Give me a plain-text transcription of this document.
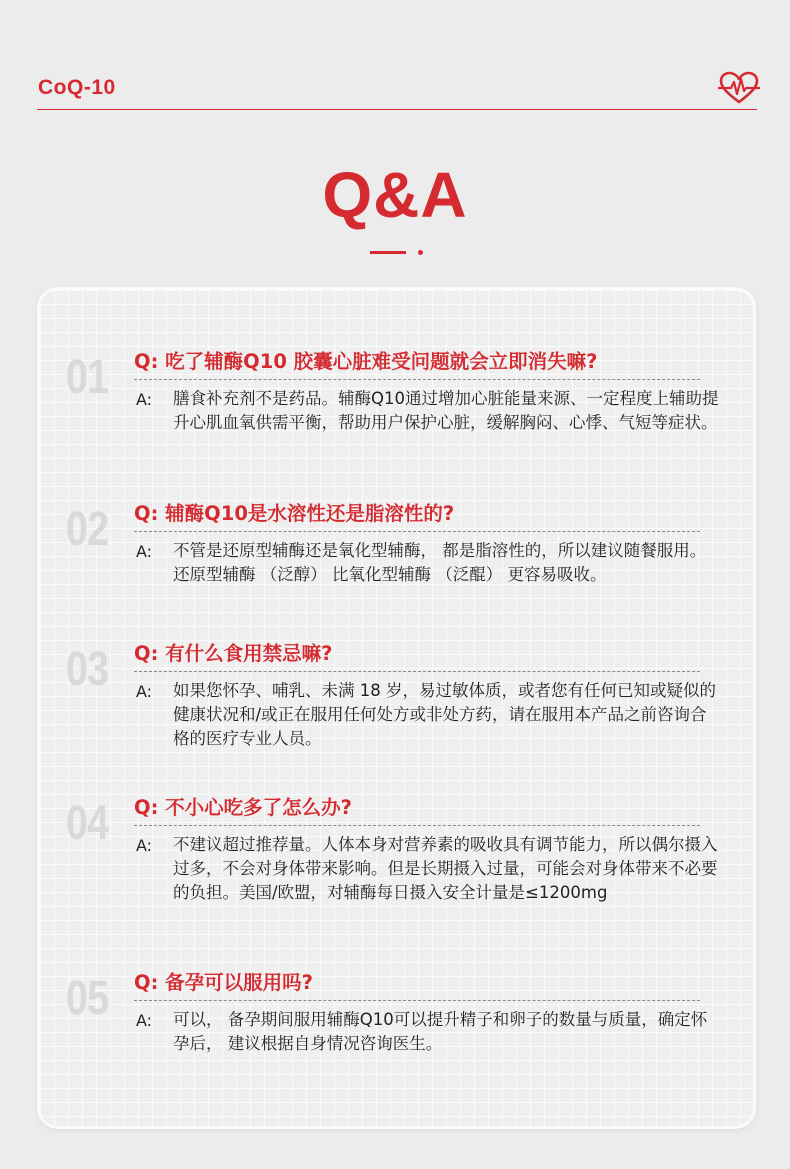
CoQ-10
Q&A
01 Q: 吃了辅酶Q10 胶囊心脏难受问题就会立即消失嘛?
A: 膳食补充剂不是药品。辅酶Q10通过增加心脏能量来源、一定程度上辅助提升心肌血氧供需平衡，帮助用户保护心脏，缓解胸闷、心悸、气短等症状。
02 Q: 辅酶Q10是水溶性还是脂溶性的?
A: 不管是还原型辅酶还是氧化型辅酶， 都是脂溶性的，所以建议随餐服用。还原型辅酶 （泛醇） 比氧化型辅酶 （泛醌） 更容易吸收。
03 Q: 有什么食用禁忌嘛?
A: 如果您怀孕、哺乳、未满 18 岁，易过敏体质，或者您有任何已知或疑似的健康状况和/或正在服用任何处方或非处方药，请在服用本产品之前咨询合格的医疗专业人员。
04 Q: 不小心吃多了怎么办?
A: 不建议超过推荐量。人体本身对营养素的吸收具有调节能力，所以偶尔摄入过多，不会对身体带来影响。但是长期摄入过量，可能会对身体带来不必要的负担。美国/欧盟，对辅酶每日摄入安全计量是≤1200mg
05 Q: 备孕可以服用吗?
A: 可以， 备孕期间服用辅酶Q10可以提升精子和卵子的数量与质量，确定怀孕后， 建议根据自身情况咨询医生。
